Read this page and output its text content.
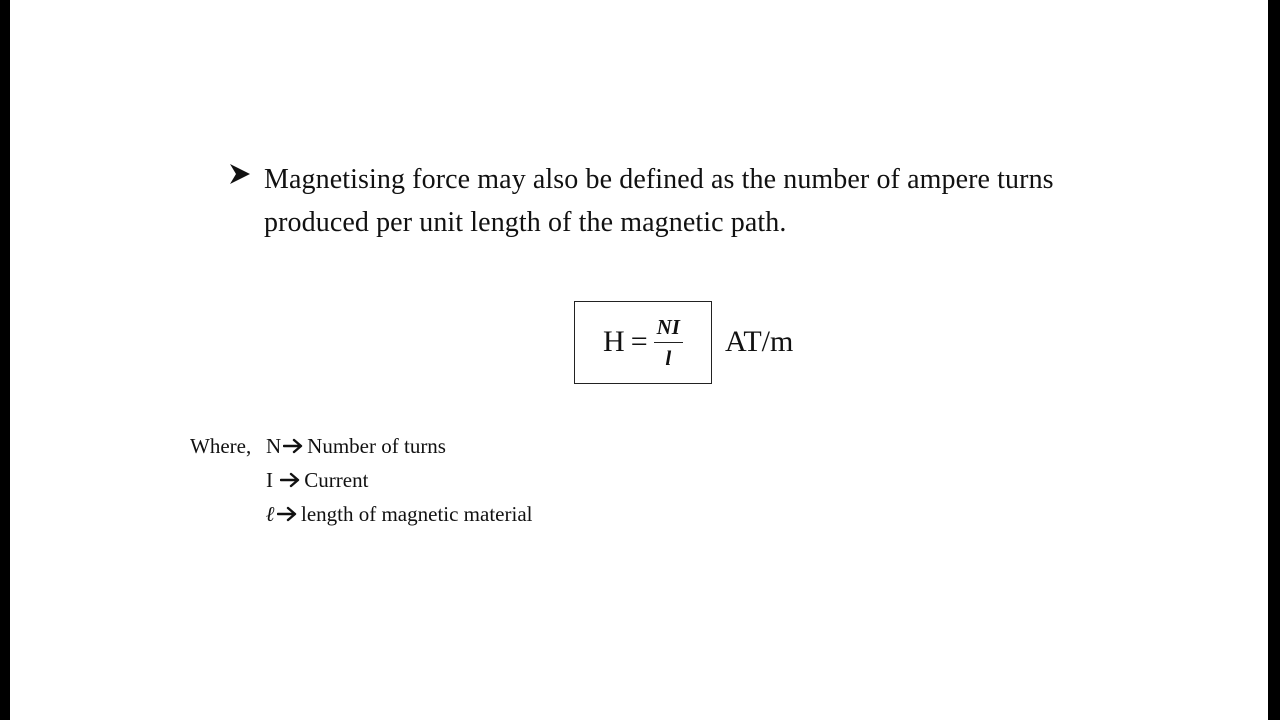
Magnetising force may also be defined as the number of ampere turns
produced per unit length of the magnetic path.
$H = \frac{NI}{l} AT/m$
Where, N Number of turns
I Current
ℓ length of magnetic material
